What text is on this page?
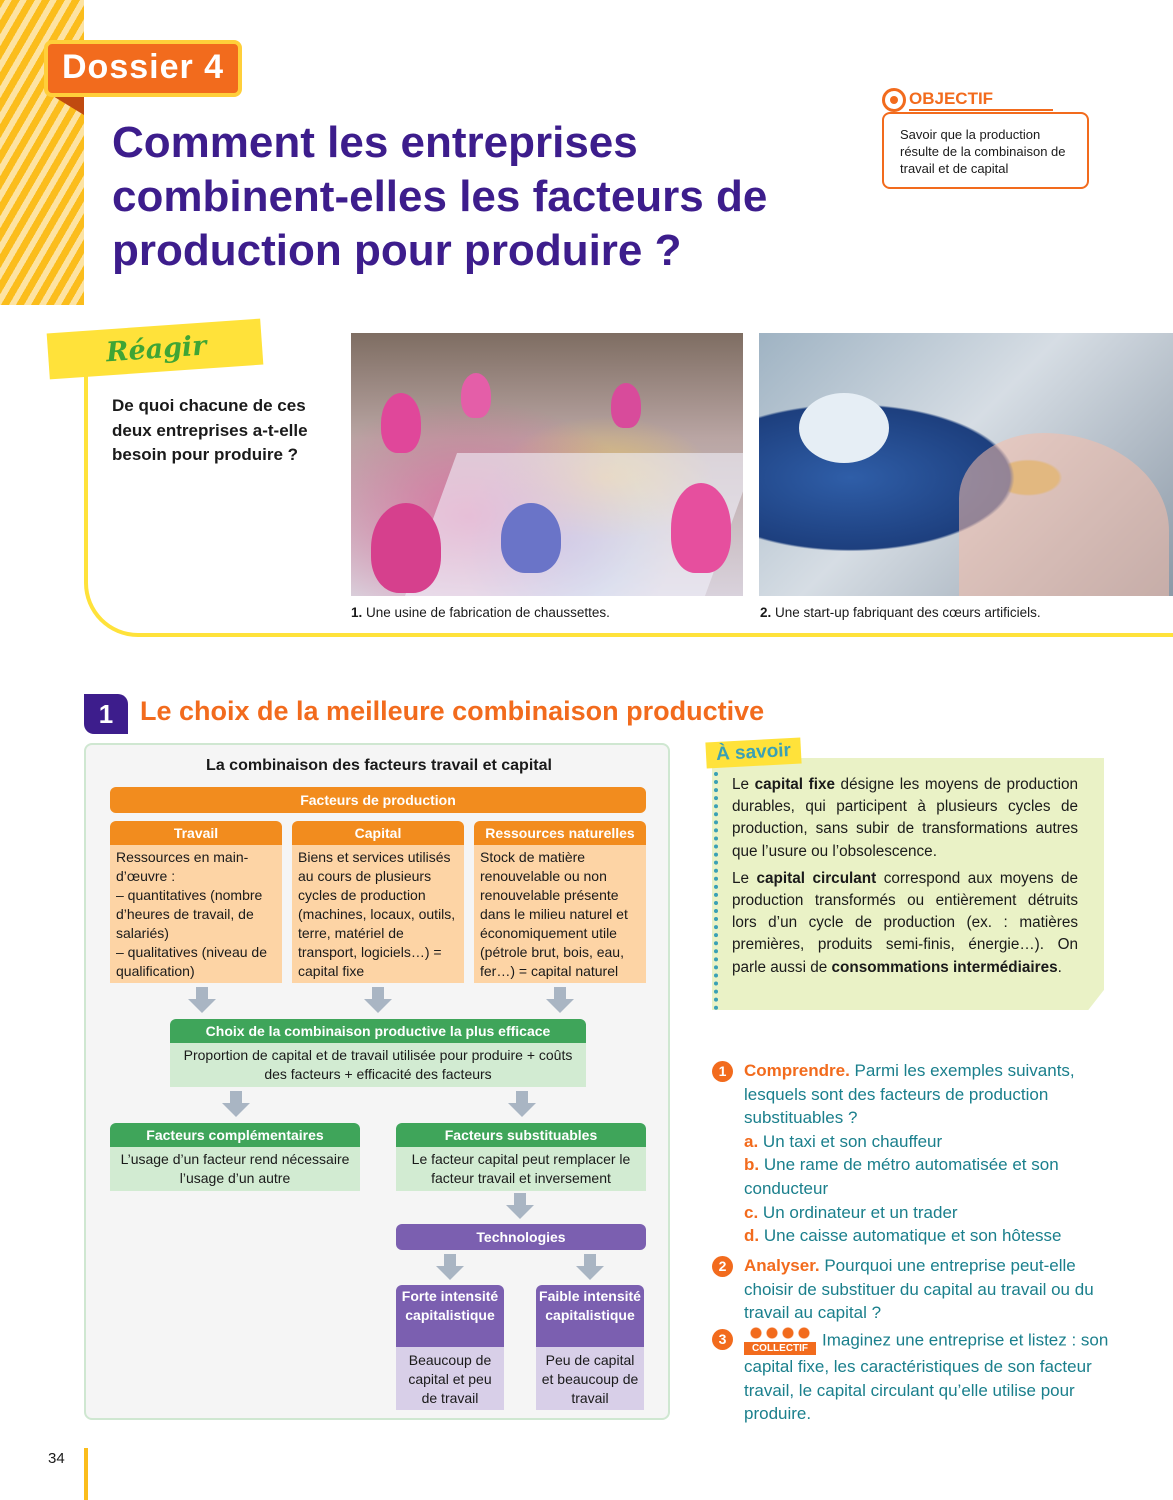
34
Dossier 4
Comment les entreprises combinent-elles les facteurs de production pour produire ?
OBJECTIF
Savoir que la production résulte de la combinaison de travail et de capital
Réagir
De quoi chacune de ces deux entreprises a-t-elle besoin pour produire ?
1. Une usine de fabrication de chaussettes.	2. Une start-up fabriquant des cœurs artificiels.
1 Le choix de la meilleure combinaison productive
La combinaison des facteurs travail et capital
Facteurs de production
Travail
Ressources en main-d’œuvre :
– quantitatives (nombre d’heures de travail, de salariés)
– qualitatives (niveau de qualification)
Capital
Biens et services utilisés au cours de plusieurs cycles de production (machines, locaux, outils, terre, matériel de transport, logiciels…) = capital fixe
Ressources naturelles
Stock de matière renouvelable ou non renouvelable présente dans le milieu naturel et économiquement utile (pétrole brut, bois, eau, fer…) = capital naturel
Choix de la combinaison productive la plus efficace
Proportion de capital et de travail utilisée pour produire + coûts des facteurs + efficacité des facteurs
Facteurs complémentaires
L’usage d’un facteur rend nécessaire l’usage d’un autre
Facteurs substituables
Le facteur capital peut remplacer le facteur travail et inversement
Technologies
Forte intensité capitalistique
Beaucoup de capital et peu de travail
Faible intensité capitalistique
Peu de capital et beaucoup de travail
À savoir

Le capital fixe désigne les moyens de production durables, qui participent à plusieurs cycles de production, sans subir de transformations autres que l’usure ou l’obsolescence.

Le capital circulant correspond aux moyens de production transformés ou entièrement détruits lors d’un cycle de production (ex. : matières premières, produits semi-finis, énergie…). On parle aussi de consommations intermédiaires.

1	Comprendre. Parmi les exemples suivants, lesquels sont des facteurs de production substituables ?
a. Un taxi et son chauffeur
b. Une rame de métro automatisée et son conducteur
c. Un ordinateur et un trader
d. Une caisse automatique et son hôtesse
2	Analyser. Pourquoi une entreprise peut-elle choisir de substituer du capital au travail ou du travail au capital ?
3
COLLECTIF Imaginez une entreprise et listez : son capital fixe, les caractéristiques de son facteur travail, le capital circulant qu’elle utilise pour produire.
